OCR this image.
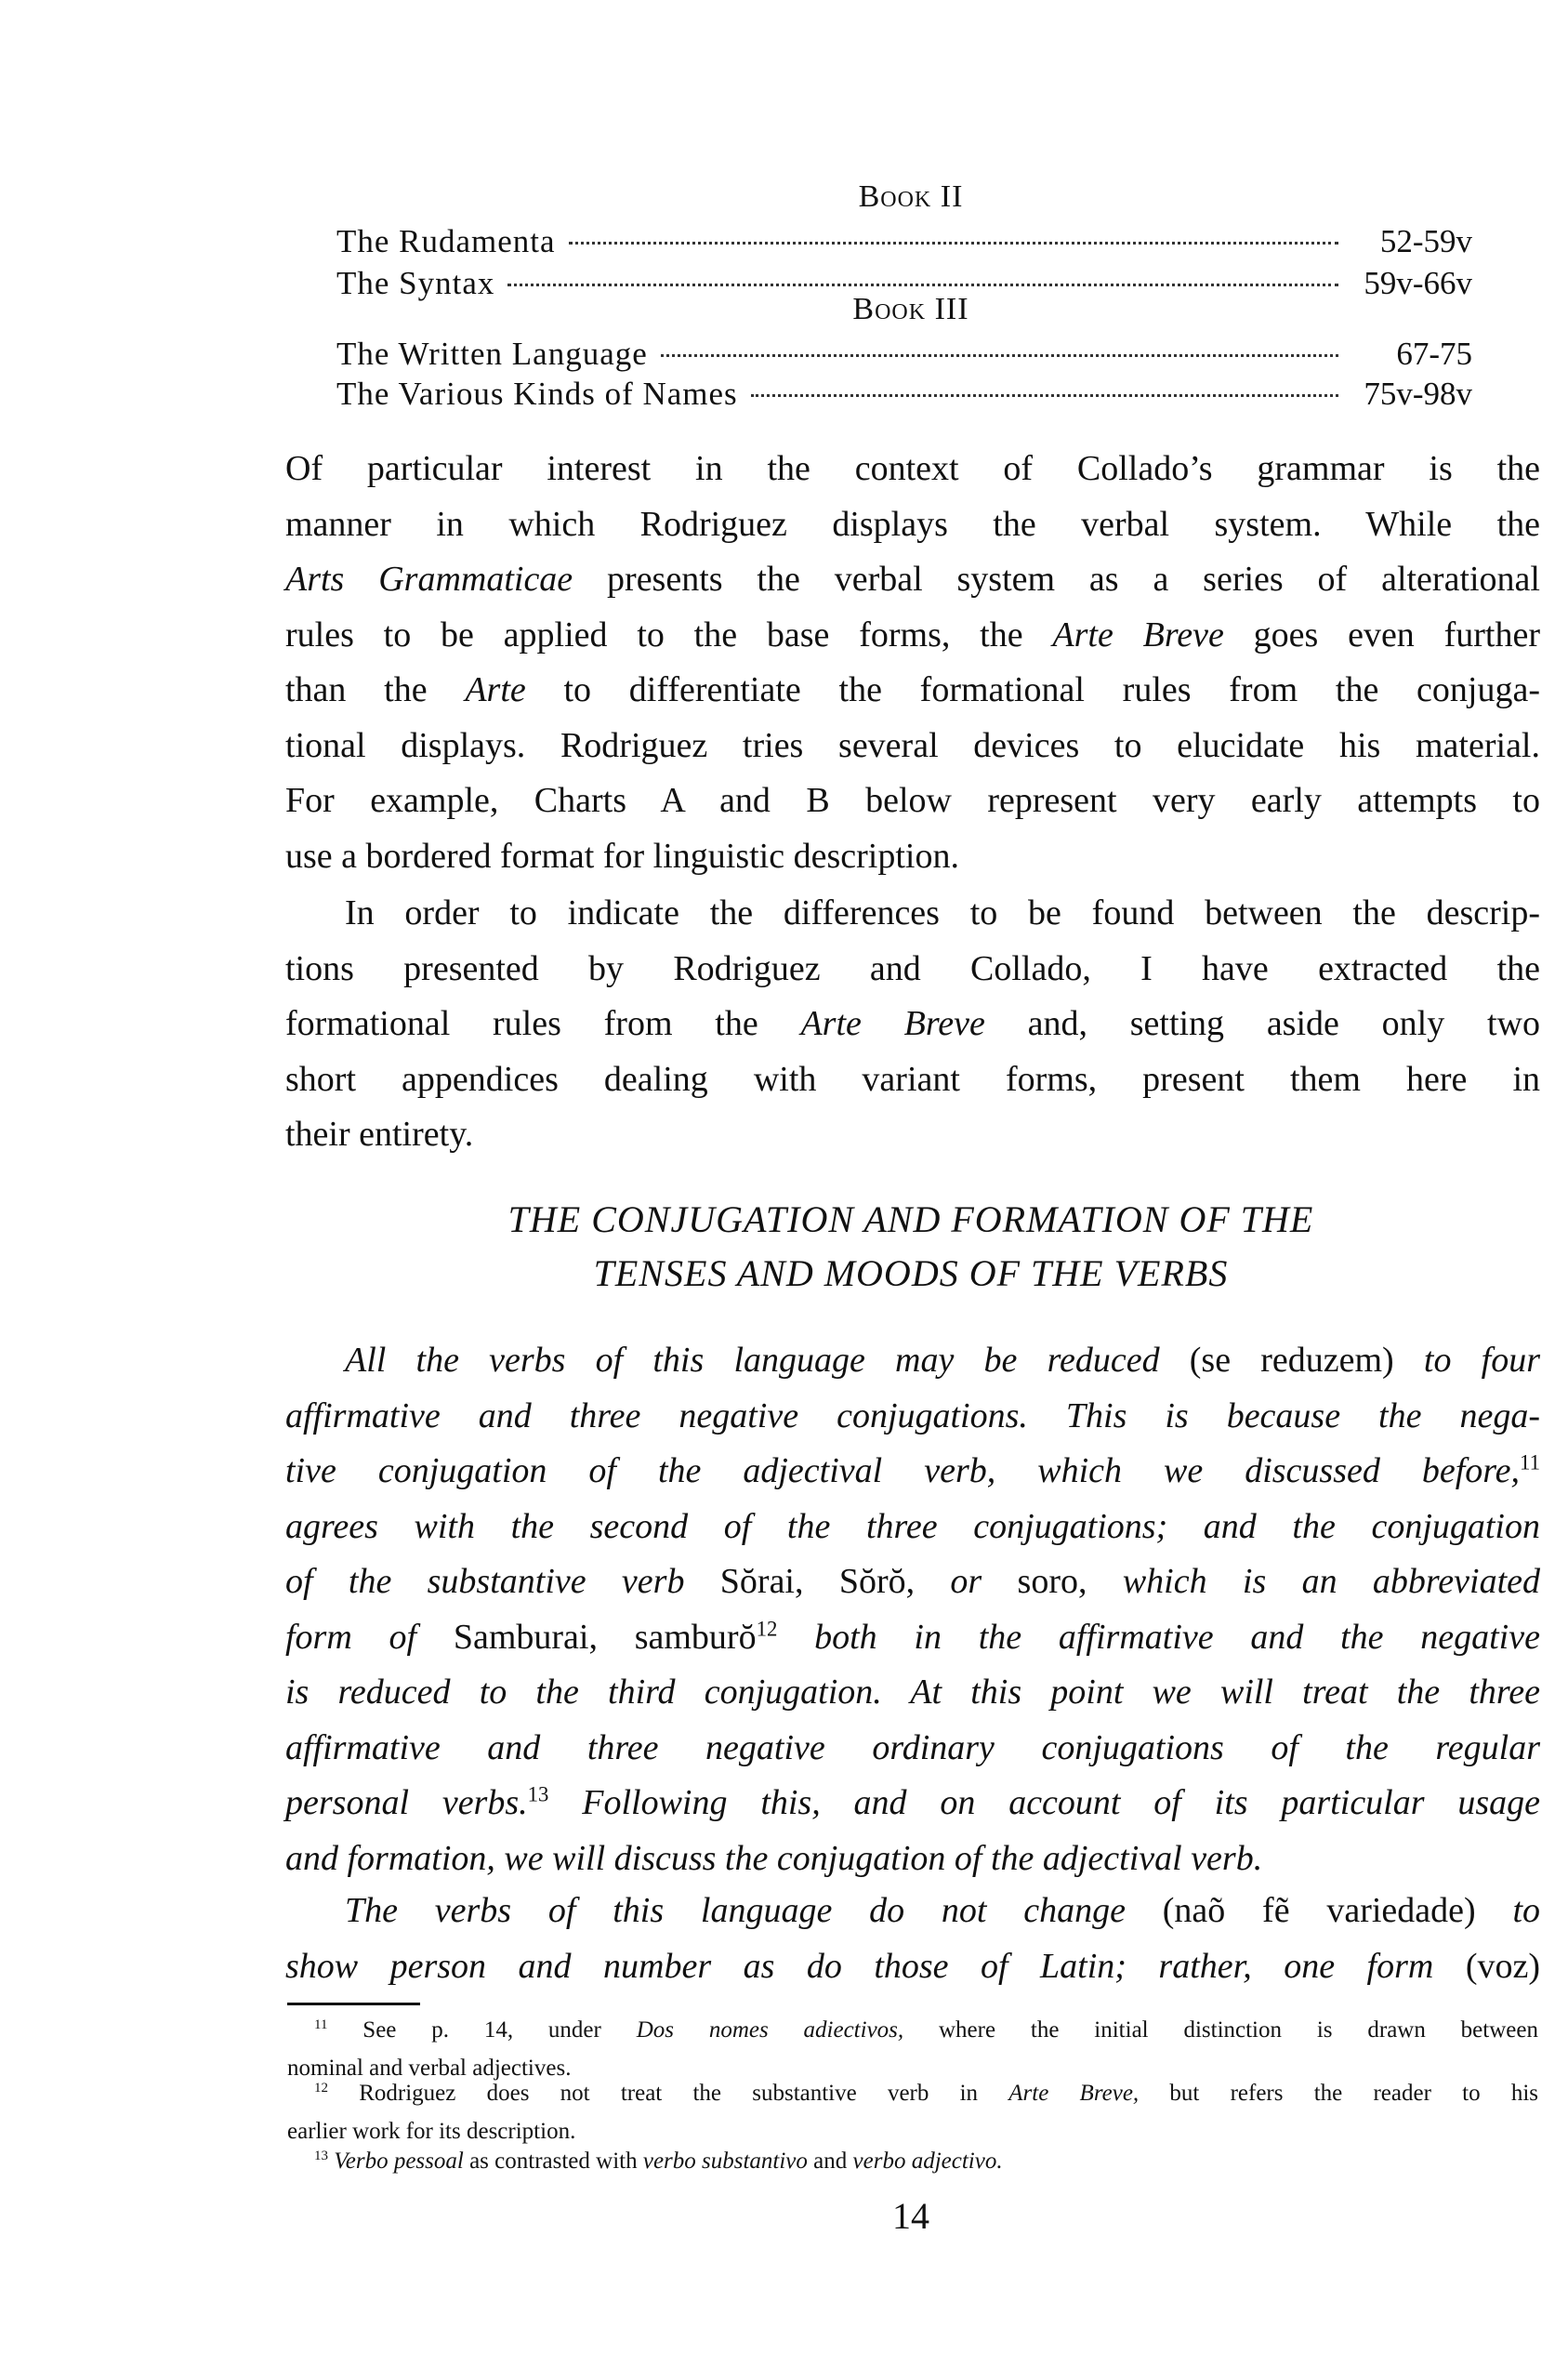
Book II
The Rudamenta	52-59v
The Syntax	59v-66v
Book III
The Written Language	67-75
The Various Kinds of Names	75v-98v
Of particular interest in the context of Collado’s grammar is the
manner in which Rodriguez displays the verbal system. While the
Arts Grammaticae presents the verbal system as a series of alterational
rules to be applied to the base forms, the Arte Breve goes even further
than the Arte to differentiate the formational rules from the conjuga-
tional displays. Rodriguez tries several devices to elucidate his material.
For example, Charts A and B below represent very early attempts to
use a bordered format for linguistic description.
In order to indicate the differences to be found between the descrip-
tions presented by Rodriguez and Collado, I have extracted the
formational rules from the Arte Breve and, setting aside only two
short appendices dealing with variant forms, present them here in
their entirety.
All the verbs of this language may be reduced (se reduzem) to four
affirmative and three negative conjugations. This is because the nega-
tive conjugation of the adjectival verb, which we discussed before,$^{11}$
agrees with the second of the three conjugations; and the conjugation
of the substantive verb Sŏrai, Sŏrŏ, or soro, which is an abbreviated
form of Samburai, samburŏ$^{12}$ both in the affirmative and the negative
is reduced to the third conjugation. At this point we will treat the three
affirmative and three negative ordinary conjugations of the regular
personal verbs.$^{13}$ Following this, and on account of its particular usage
and formation, we will discuss the conjugation of the adjectival verb.
The verbs of this language do not change (naõ fẽ variedade) to
show person and number as do those of Latin; rather, one form (voz)
THE CONJUGATION AND FORMATION OF THE
TENSES AND MOODS OF THE VERBS
$^{11}$ See p. 14, under Dos nomes adiectivos, where the initial distinction is drawn between
nominal and verbal adjectives.
$^{12}$ Rodriguez does not treat the substantive verb in Arte Breve, but refers the reader to his
earlier work for its description.
$^{13}$ Verbo pessoal as contrasted with verbo substantivo and verbo adjectivo.
14
